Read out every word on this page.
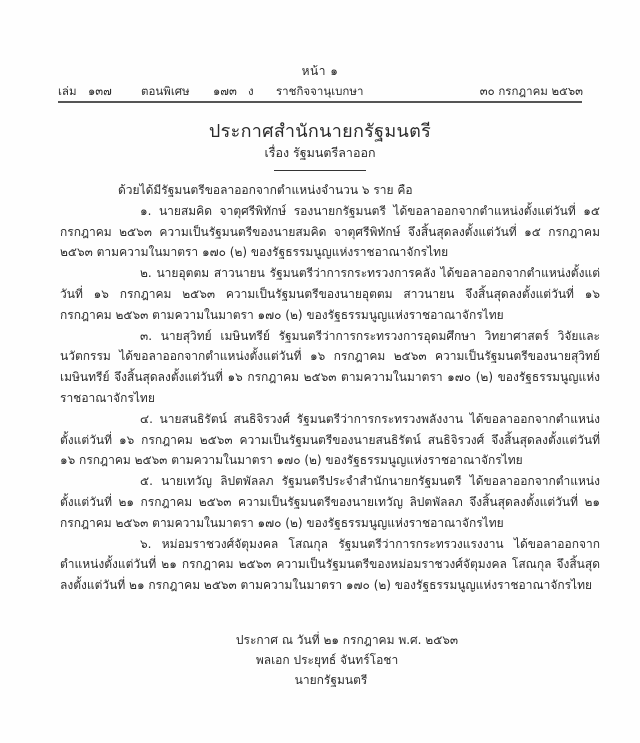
หน้า ๑
เล่ม ๑๓๗	ตอนพิเศษ ๑๗๓ ง ราชกิจจานุเบกษา	๓๐ กรกฎาคม ๒๕๖๓
ประกาศสำนักนายกรัฐมนตรี
เรื่อง รัฐมนตรีลาออก

ด้วยได้มีรัฐมนตรีขอลาออกจากตำแหน่งจำนวน ๖ ราย คือ

๑. นายสมคิด จาตุศรีพิทักษ์ รองนายกรัฐมนตรี ได้ขอลาออกจากตำแหน่งตั้งแต่วันที่ ๑๕ กรกฎาคม ๒๕๖๓ ความเป็นรัฐมนตรีของนายสมคิด จาตุศรีพิทักษ์ จึงสิ้นสุดลงตั้งแต่วันที่ ๑๕ กรกฎาคม ๒๕๖๓ ตามความในมาตรา ๑๗๐ (๒) ของรัฐธรรมนูญแห่งราชอาณาจักรไทย

๒. นายอุตตม สาวนายน รัฐมนตรีว่าการกระทรวงการคลัง ได้ขอลาออกจากตำแหน่งตั้งแต่วันที่ ๑๖ กรกฎาคม ๒๕๖๓ ความเป็นรัฐมนตรีของนายอุตตม สาวนายน จึงสิ้นสุดลงตั้งแต่วันที่ ๑๖ กรกฎาคม ๒๕๖๓ ตามความในมาตรา ๑๗๐ (๒) ของรัฐธรรมนูญแห่งราชอาณาจักรไทย

๓. นายสุวิทย์ เมษินทรีย์ รัฐมนตรีว่าการกระทรวงการอุดมศึกษา วิทยาศาสตร์ วิจัยและนวัตกรรม ได้ขอลาออกจากตำแหน่งตั้งแต่วันที่ ๑๖ กรกฎาคม ๒๕๖๓ ความเป็นรัฐมนตรีของนายสุวิทย์ เมษินทรีย์ จึงสิ้นสุดลงตั้งแต่วันที่ ๑๖ กรกฎาคม ๒๕๖๓ ตามความในมาตรา ๑๗๐ (๒) ของรัฐธรรมนูญแห่งราชอาณาจักรไทย

๔. นายสนธิรัตน์ สนธิจิรวงศ์ รัฐมนตรีว่าการกระทรวงพลังงาน ได้ขอลาออกจากตำแหน่งตั้งแต่วันที่ ๑๖ กรกฎาคม ๒๕๖๓ ความเป็นรัฐมนตรีของนายสนธิรัตน์ สนธิจิรวงศ์ จึงสิ้นสุดลงตั้งแต่วันที่ ๑๖ กรกฎาคม ๒๕๖๓ ตามความในมาตรา ๑๗๐ (๒) ของรัฐธรรมนูญแห่งราชอาณาจักรไทย

๕. นายเทวัญ ลิปตพัลลภ รัฐมนตรีประจำสำนักนายกรัฐมนตรี ได้ขอลาออกจากตำแหน่งตั้งแต่วันที่ ๒๑ กรกฎาคม ๒๕๖๓ ความเป็นรัฐมนตรีของนายเทวัญ ลิปตพัลลภ จึงสิ้นสุดลงตั้งแต่วันที่ ๒๑ กรกฎาคม ๒๕๖๓ ตามความในมาตรา ๑๗๐ (๒) ของรัฐธรรมนูญแห่งราชอาณาจักรไทย

๖. หม่อมราชวงศ์จัตุมงคล โสณกุล รัฐมนตรีว่าการกระทรวงแรงงาน ได้ขอลาออกจากตำแหน่งตั้งแต่วันที่ ๒๑ กรกฎาคม ๒๕๖๓ ความเป็นรัฐมนตรีของหม่อมราชวงศ์จัตุมงคล โสณกุล จึงสิ้นสุดลงตั้งแต่วันที่ ๒๑ กรกฎาคม ๒๕๖๓ ตามความในมาตรา ๑๗๐ (๒) ของรัฐธรรมนูญแห่งราชอาณาจักรไทย

ประกาศ ณ วันที่ ๒๑ กรกฎาคม พ.ศ. ๒๕๖๓
พลเอก ประยุทธ์ จันทร์โอชา
นายกรัฐมนตรี
